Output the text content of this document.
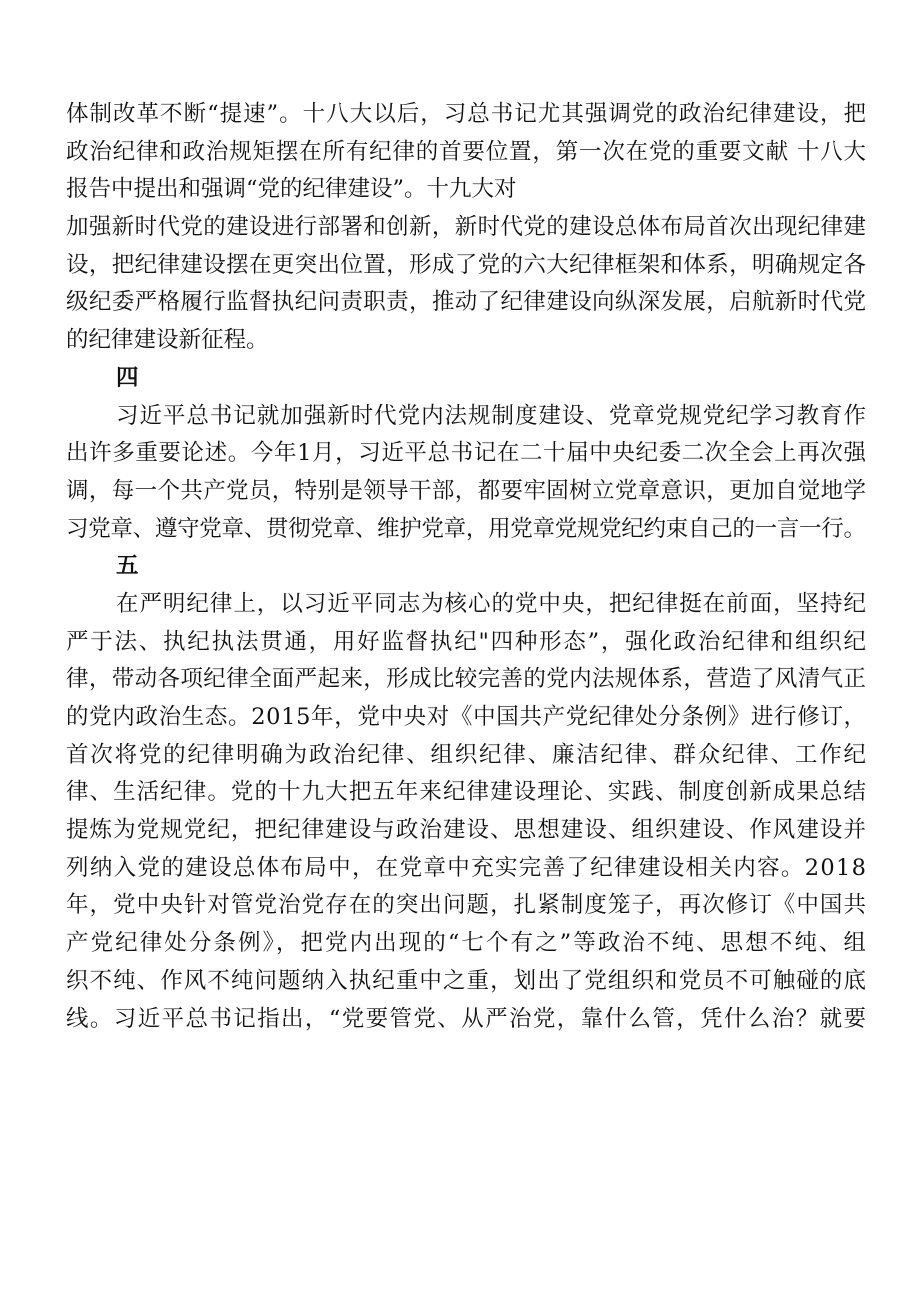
体制改革不断“提速”。十八大以后，习总书记尤其强调党的政治纪律建设，把
政治纪律和政治规矩摆在所有纪律的首要位置，第一次在党的重要文献 十八大
报告中提出和强调“党的纪律建设”。十九大对
加强新时代党的建设进行部署和创新，新时代党的建设总体布局首次出现纪律建
设，把纪律建设摆在更突出位置，形成了党的六大纪律框架和体系，明确规定各
级纪委严格履行监督执纪问责职责，推动了纪律建设向纵深发展，启航新时代党
的纪律建设新征程。
四
习近平总书记就加强新时代党内法规制度建设、党章党规党纪学习教育作
出许多重要论述。今年1月，习近平总书记在二十届中央纪委二次全会上再次强
调，每一个共产党员，特别是领导干部，都要牢固树立党章意识，更加自觉地学
习党章、遵守党章、贯彻党章、维护党章，用党章党规党纪约束自己的一言一行。
五
在严明纪律上，以习近平同志为核心的党中央，把纪律挺在前面，坚持纪
严于法、执纪执法贯通，用好监督执纪"四种形态”，强化政治纪律和组织纪
律，带动各项纪律全面严起来，形成比较完善的党内法规体系，营造了风清气正
的党内政治生态。2015年，党中央对《中国共产党纪律处分条例》进行修订，
首次将党的纪律明确为政治纪律、组织纪律、廉洁纪律、群众纪律、工作纪
律、生活纪律。党的十九大把五年来纪律建设理论、实践、制度创新成果总结
提炼为党规党纪，把纪律建设与政治建设、思想建设、组织建设、作风建设并
列纳入党的建设总体布局中，在党章中充实完善了纪律建设相关内容。2018
年，党中央针对管党治党存在的突出问题，扎紧制度笼子，再次修订《中国共
产党纪律处分条例》，把党内出现的“七个有之”等政治不纯、思想不纯、组
织不纯、作风不纯问题纳入执纪重中之重，划出了党组织和党员不可触碰的底
线。习近平总书记指出，“党要管党、从严治党，靠什么管，凭什么治？就要
